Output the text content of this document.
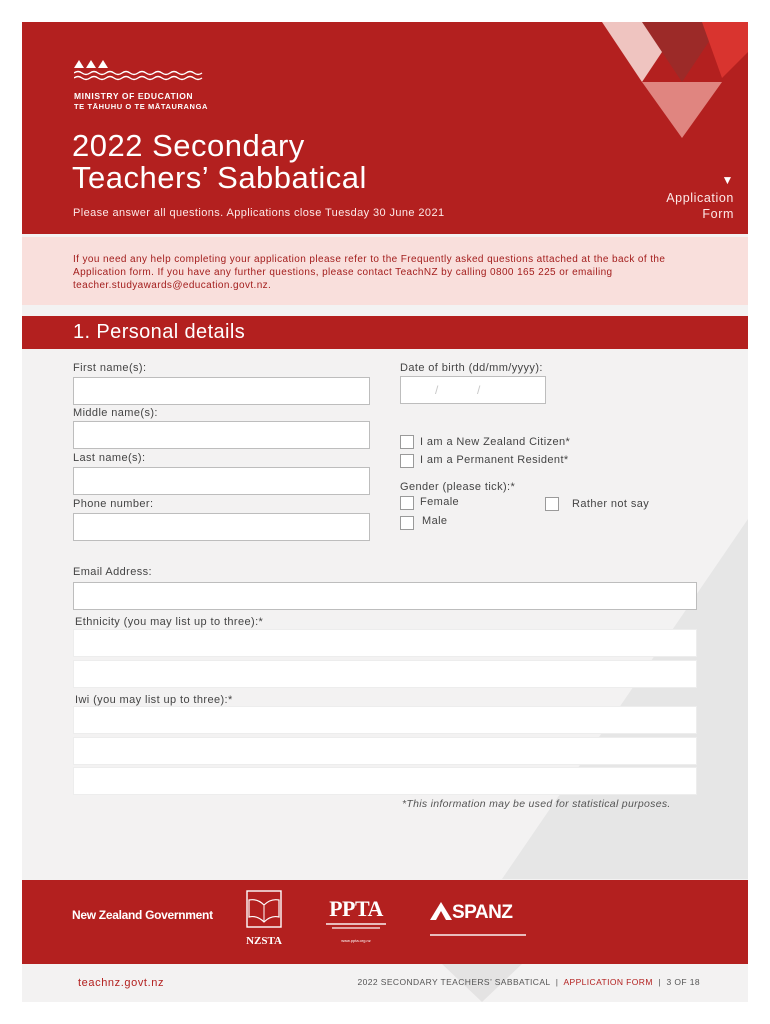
MINISTRY OF EDUCATION
TE TĀHUHU O TE MĀTAURANGA
2022 Secondary
Teachers’ Sabbatical
Please answer all questions. Applications close Tuesday 30 June 2021
▼
Application
Form

If you need any help completing your application please refer to the Frequently asked questions attached at the back of the Application form. If you have any further questions, please contact TeachNZ by calling 0800 165 225 or emailing teacher.studyawards@education.govt.nz.

1. Personal details
First name(s):
Middle name(s):
Last name(s):
Phone number:
Date of birth (dd/mm/yyyy):
/	/
I am a New Zealand Citizen*
I am a Permanent Resident*
Gender (please tick):*
Female
Male
Rather not say
Email Address:
Ethnicity (you may list up to three):*
Iwi (you may list up to three):*
*This information may be used for statistical purposes.
New Zealand Government
NZSTA
PPTA
www.ppta.org.nz
SPANZ
teachnz.govt.nz	2022 SECONDARY TEACHERS’ SABBATICAL | APPLICATION FORM | 3 OF 18
